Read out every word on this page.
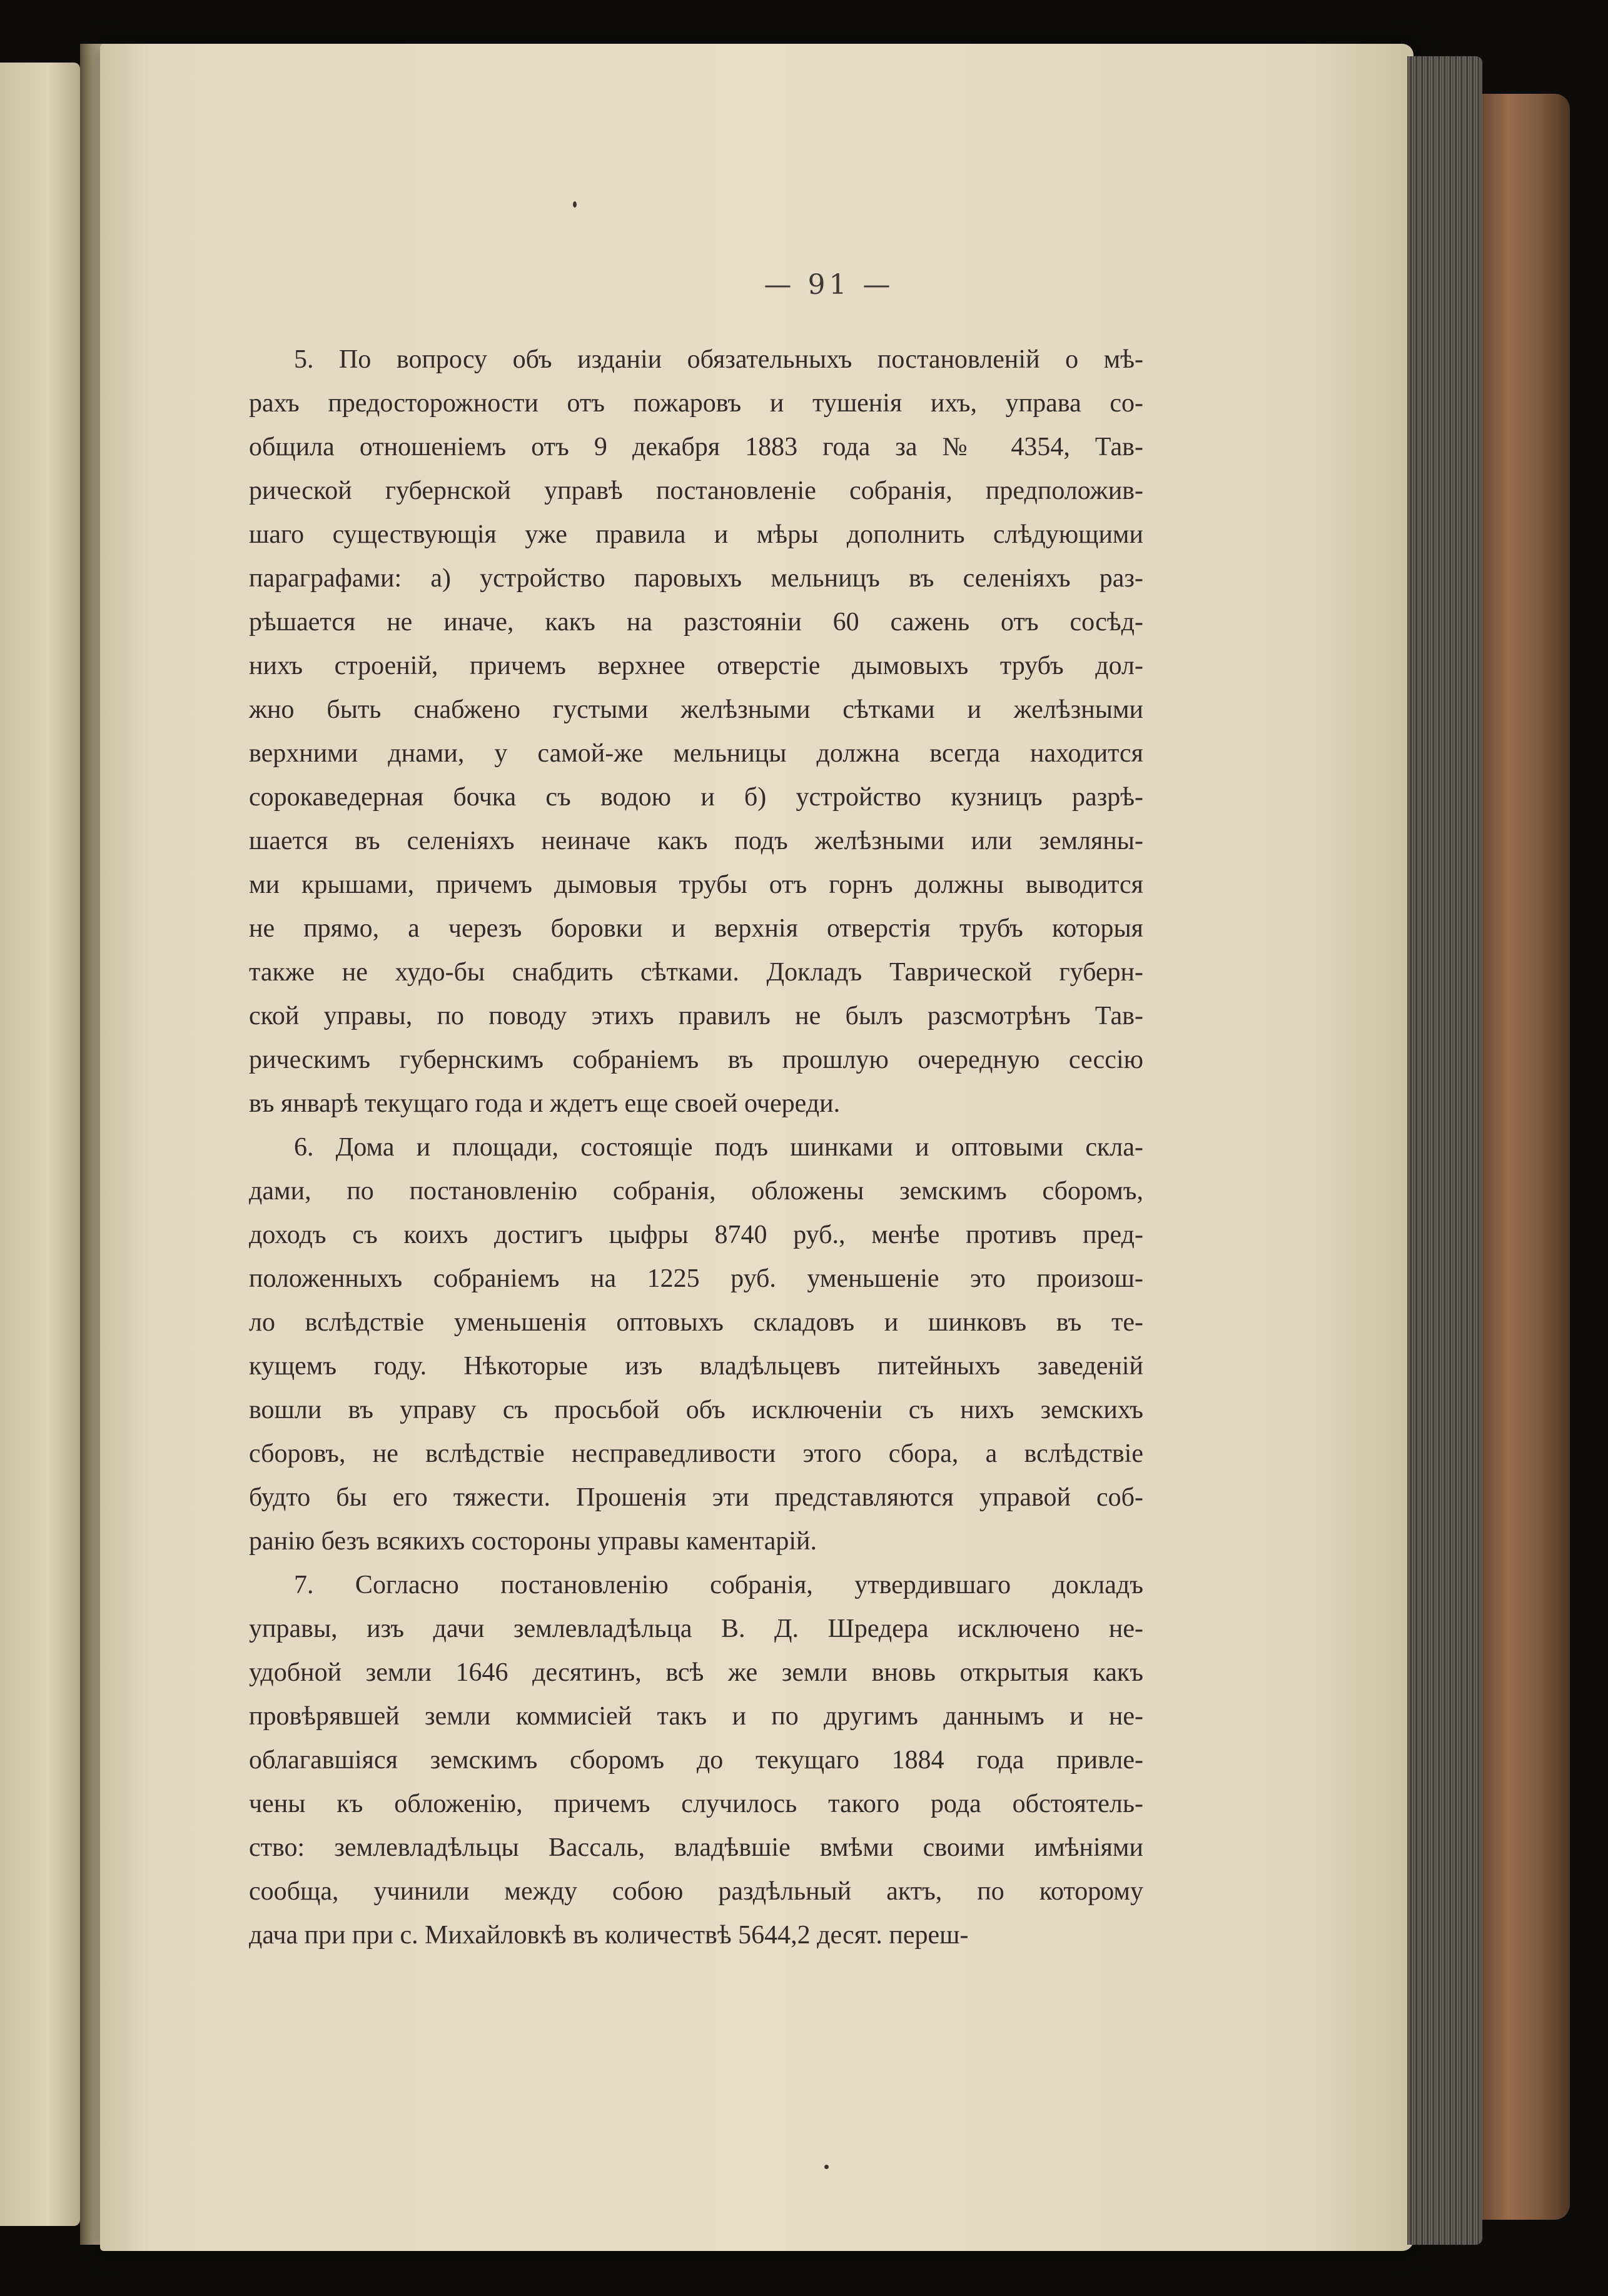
— 91 —
5. По вопросу объ изданіи обязательныхъ постановленій о мѣ-
рахъ предосторожности отъ пожаровъ и тушенія ихъ, управа со-
общила отношеніемъ отъ 9 декабря 1883 года за № 4354, Тав-
рической губернской управѣ постановленіе собранія, предположив-
шаго существующія уже правила и мѣры дополнить слѣдующими
параграфами: а) устройство паровыхъ мельницъ въ селеніяхъ раз-
рѣшается не иначе, какъ на разстояніи 60 сажень отъ сосѣд-
нихъ строеній, причемъ верхнее отверстіе дымовыхъ трубъ дол-
жно быть снабжено густыми желѣзными сѣтками и желѣзными
верхними днами, у самой-же мельницы должна всегда находится
сорокаведерная бочка съ водою и б) устройство кузницъ разрѣ-
шается въ селеніяхъ неиначе какъ подъ желѣзными или земляны-
ми крышами, причемъ дымовыя трубы отъ горнъ должны выводится
не прямо, а черезъ боровки и верхнія отверстія трубъ которыя
также не худо-бы снабдить сѣтками. Докладъ Таврической губерн-
ской управы, по поводу этихъ правилъ не былъ разсмотрѣнъ Тав-
рическимъ губернскимъ собраніемъ въ прошлую очередную сессію
въ январѣ текущаго года и ждетъ еще своей очереди.
6. Дома и площади, состоящіе подъ шинками и оптовыми скла-
дами, по постановленію собранія, обложены земскимъ сборомъ,
доходъ съ коихъ достигъ цыфры 8740 руб., менѣе противъ пред-
положенныхъ собраніемъ на 1225 руб. уменьшеніе это произош-
ло вслѣдствіе уменьшенія оптовыхъ складовъ и шинковъ въ те-
кущемъ году. Нѣкоторые изъ владѣльцевъ питейныхъ заведеній
вошли въ управу съ просьбой объ исключеніи съ нихъ земскихъ
сборовъ, не вслѣдствіе несправедливости этого сбора, а вслѣдствіе
будто бы его тяжести. Прошенія эти представляются управой соб-
ранію безъ всякихъ состороны управы каментарій.
7. Согласно постановленію собранія, утвердившаго докладъ
управы, изъ дачи землевладѣльца В. Д. Шредера исключено не-
удобной земли 1646 десятинъ, всѣ же земли вновь открытыя какъ
провѣрявшей земли коммисіей такъ и по другимъ даннымъ и не-
облагавшіяся земскимъ сборомъ до текущаго 1884 года привле-
чены къ обложенію, причемъ случилось такого рода обстоятель-
ство: землевладѣльцы Вассаль, владѣвшіе вмѣми своими имѣніями
сообща, учинили между собою раздѣльный актъ, по которому
дача при при с. Михайловкѣ въ количествѣ 5644,2 десят. переш-
